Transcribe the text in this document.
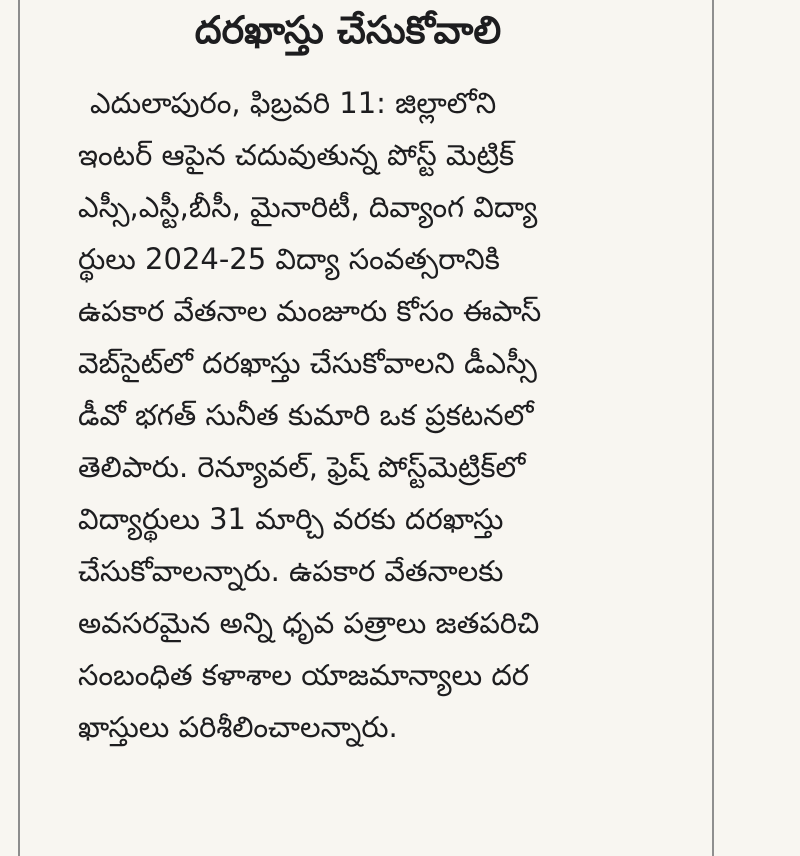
దరఖాస్తు చేసుకోవాలి
ఎదులాపురం, ఫిబ్రవరి 11: జిల్లాలోని
ఇంటర్ ఆపైన చదువుతున్న పోస్ట్ మెట్రిక్
ఎస్సీ,ఎస్టీ,బీసీ, మైనారిటీ, దివ్యాంగ విద్యా
ర్థులు 2024-25 విద్యా సంవత్సరానికి
ఉపకార వేతనాల మంజూరు కోసం ఈపాస్
వెబ్‌సైట్‌లో దరఖాస్తు చేసుకోవాలని డీఎస్సీ
డీవో భగత్ సునీత కుమారి ఒక ప్రకటనలో
తెలిపారు. రెన్యూవల్, ఫ్రెష్ పోస్ట్‌మెట్రిక్‌లో
విద్యార్థులు 31 మార్చి వరకు దరఖాస్తు
చేసుకోవాలన్నారు. ఉపకార వేతనాలకు
అవసరమైన అన్ని ధృవ పత్రాలు జతపరిచి
సంబంధిత కళాశాల యాజమాన్యాలు దర
ఖాస్తులు పరిశీలించాలన్నారు.
